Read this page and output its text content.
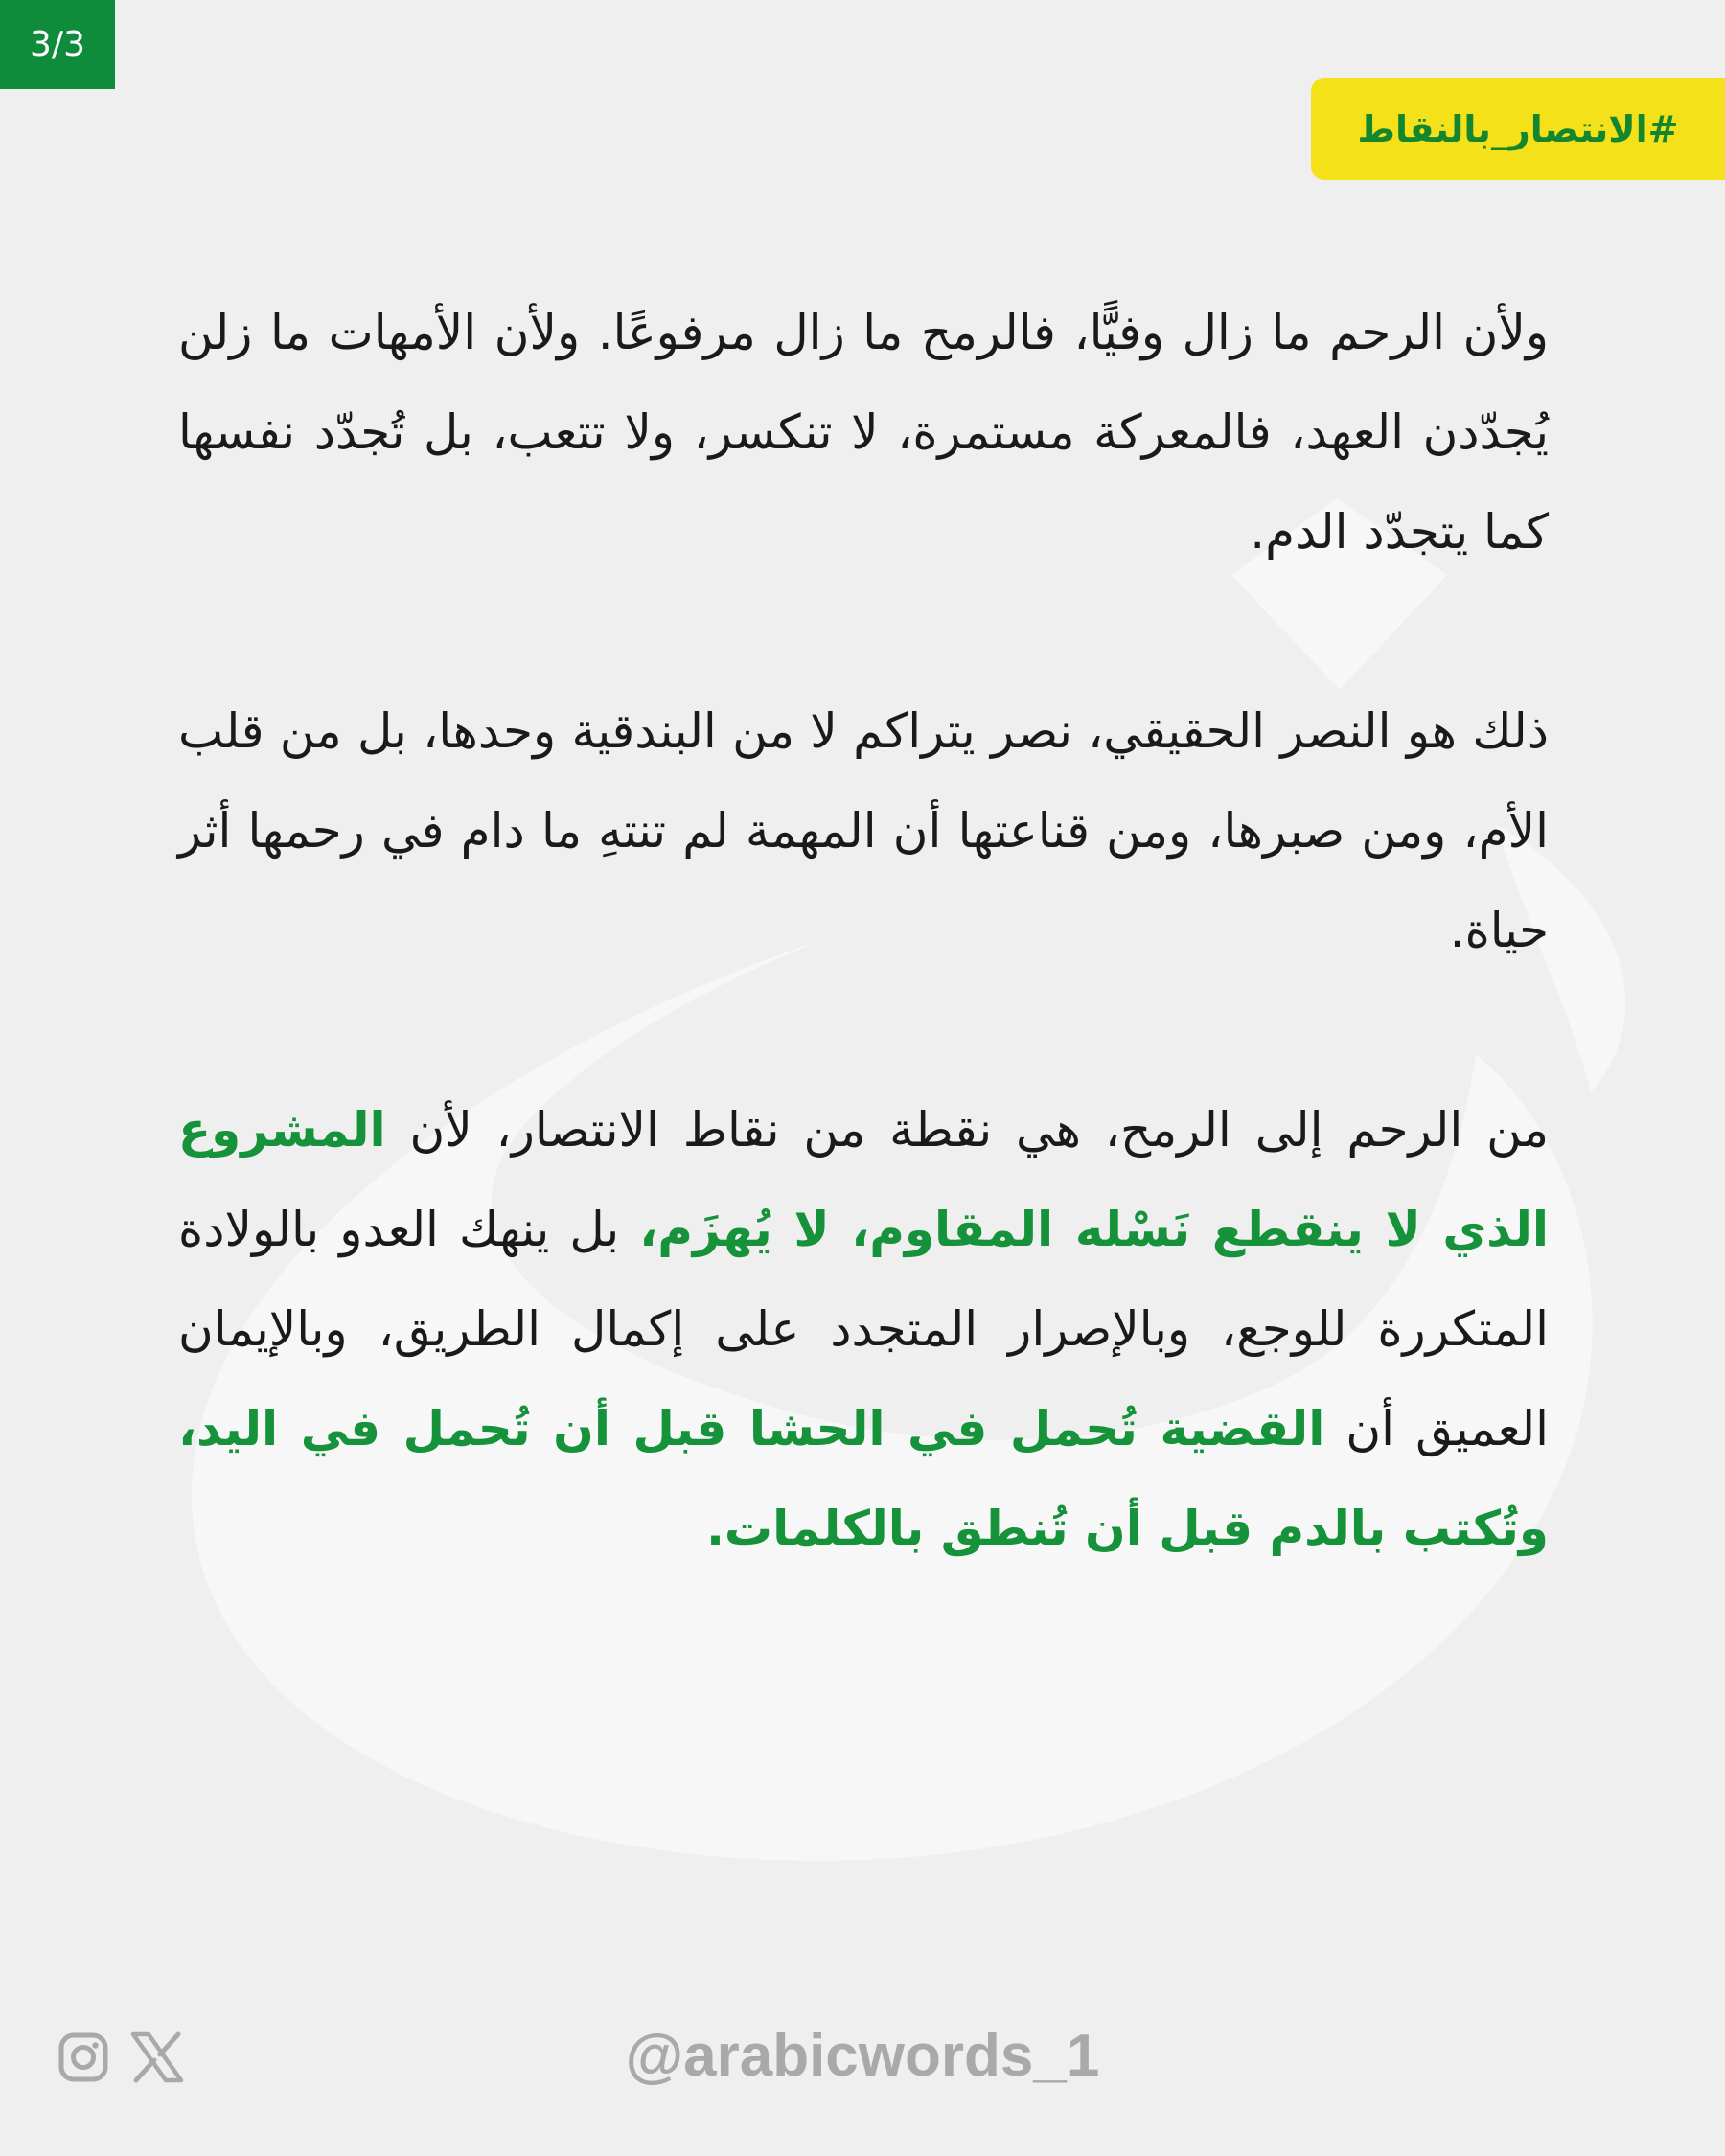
3/3
#الانتصار_بالنقاط

ولأن الرحم ما زال وفيًّا، فالرمح ما زال مرفوعًا. ولأن الأمهات ما زلن يُجدّدن العهد، فالمعركة مستمرة، لا تنكسر، ولا تتعب، بل تُجدّد نفسها كما يتجدّد الدم.

ذلك هو النصر الحقيقي، نصر يتراكم لا من البندقية وحدها، بل من قلب الأم، ومن صبرها، ومن قناعتها أن المهمة لم تنتهِ ما دام في رحمها أثر حياة.

من الرحم إلى الرمح، هي نقطة من نقاط الانتصار، لأن المشروع الذي لا ينقطع نَسْله المقاوم، لا يُهزَم، بل ينهك العدو بالولادة المتكررة للوجع، وبالإصرار المتجدد على إكمال الطريق، وبالإيمان العميق أن القضية تُحمل في الحشا قبل أن تُحمل في اليد، وتُكتب بالدم قبل أن تُنطق بالكلمات.

@arabicwords_1
